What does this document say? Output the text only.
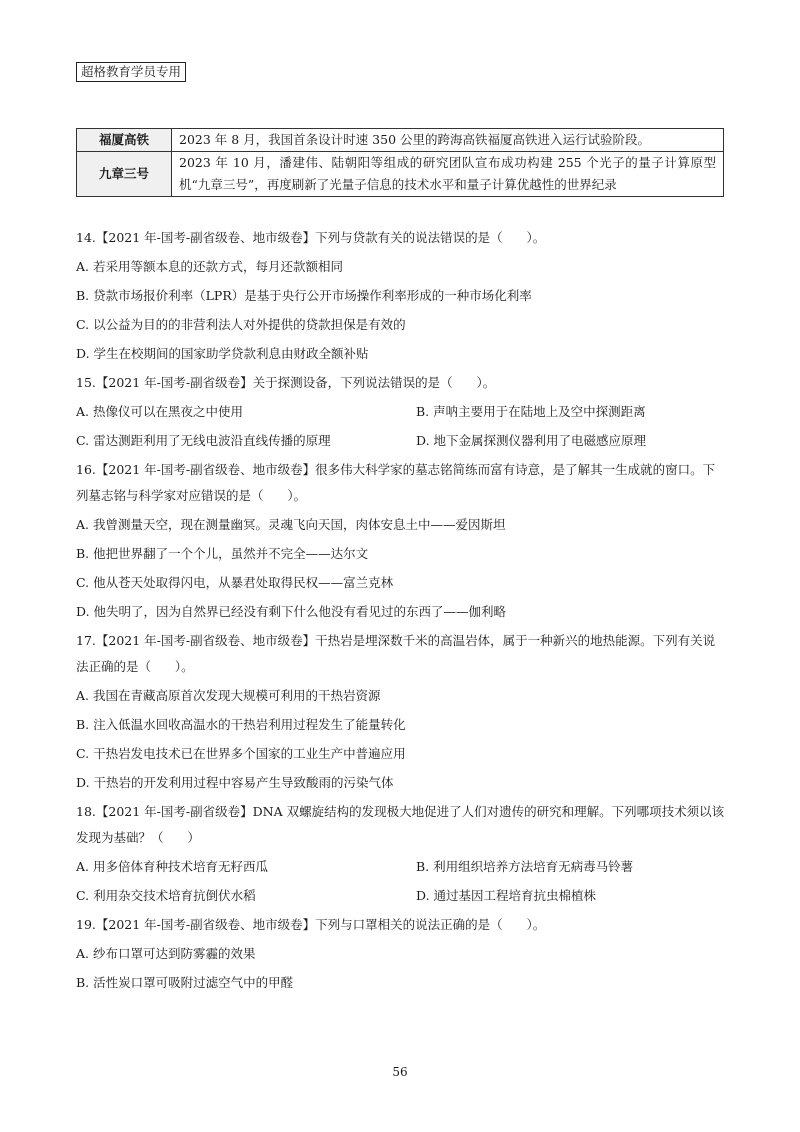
超格教育学员专用
福厦高铁	2023 年 8 月，我国首条设计时速 350 公里的跨海高铁福厦高铁进入运行试验阶段。
九章三号	2023 年 10 月，潘建伟、陆朝阳等组成的研究团队宣布成功构建 255 个光子的量子计算原型机“九章三号”，再度刷新了光量子信息的技术水平和量子计算优越性的世界纪录
14.【2021 年-国考-副省级卷、地市级卷】下列与贷款有关的说法错误的是（      ）。
A. 若采用等额本息的还款方式，每月还款额相同
B. 贷款市场报价利率（LPR）是基于央行公开市场操作利率形成的一种市场化利率
C. 以公益为目的的非营利法人对外提供的贷款担保是有效的
D. 学生在校期间的国家助学贷款利息由财政全额补贴
15.【2021 年-国考-副省级卷】关于探测设备，下列说法错误的是（      ）。
A. 热像仪可以在黑夜之中使用	B. 声呐主要用于在陆地上及空中探测距离
C. 雷达测距利用了无线电波沿直线传播的原理	D. 地下金属探测仪器利用了电磁感应原理
16.【2021 年-国考-副省级卷、地市级卷】很多伟大科学家的墓志铭简练而富有诗意，是了解其一生成就的窗口。下列墓志铭与科学家对应错误的是（      ）。
A. 我曾测量天空，现在测量幽冥。灵魂飞向天国，肉体安息土中——爱因斯坦
B. 他把世界翻了一个个儿，虽然并不完全——达尔文
C. 他从苍天处取得闪电，从暴君处取得民权——富兰克林
D. 他失明了，因为自然界已经没有剩下什么他没有看见过的东西了——伽利略
17.【2021 年-国考-副省级卷、地市级卷】干热岩是埋深数千米的高温岩体，属于一种新兴的地热能源。下列有关说法正确的是（      ）。
A. 我国在青藏高原首次发现大规模可利用的干热岩资源
B. 注入低温水回收高温水的干热岩利用过程发生了能量转化
C. 干热岩发电技术已在世界多个国家的工业生产中普遍应用
D. 干热岩的开发利用过程中容易产生导致酸雨的污染气体
18.【2021 年-国考-副省级卷】DNA 双螺旋结构的发现极大地促进了人们对遗传的研究和理解。下列哪项技术须以该发现为基础？（      ）
A. 用多倍体育种技术培育无籽西瓜	B. 利用组织培养方法培育无病毒马铃薯
C. 利用杂交技术培育抗倒伏水稻	D. 通过基因工程培育抗虫棉植株
19.【2021 年-国考-副省级卷、地市级卷】下列与口罩相关的说法正确的是（      ）。
A. 纱布口罩可达到防雾霾的效果
B. 活性炭口罩可吸附过滤空气中的甲醛
56
